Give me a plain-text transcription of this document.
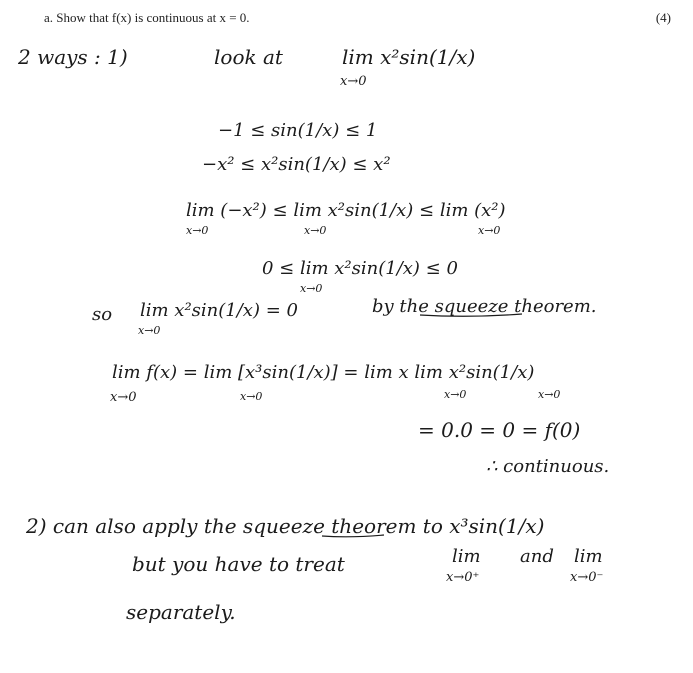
a. Show that f(x) is continuous at x = 0.	(4)
2 ways : 1)	look at	lim x²sin(1/x)
x→0
−1 ≤ sin(1/x) ≤ 1
−x² ≤ x²sin(1/x) ≤ x²
lim (−x²) ≤ lim x²sin(1/x) ≤ lim (x²)
x→0	x→0	x→0
0 ≤ lim x²sin(1/x) ≤ 0
x→0
so lim x²sin(1/x) = 0
x→0
by the squeeze theorem.
lim f(x) = lim [x³sin(1/x)] = lim x lim x²sin(1/x)
x→0	x→0	x→0	x→0
= 0.0 = 0 = f(0)
∴ continuous.
2) can also apply the squeeze theorem to x³sin(1/x)
but you have to treat	lim
x→0⁺
and lim
x→0⁻
separately.
